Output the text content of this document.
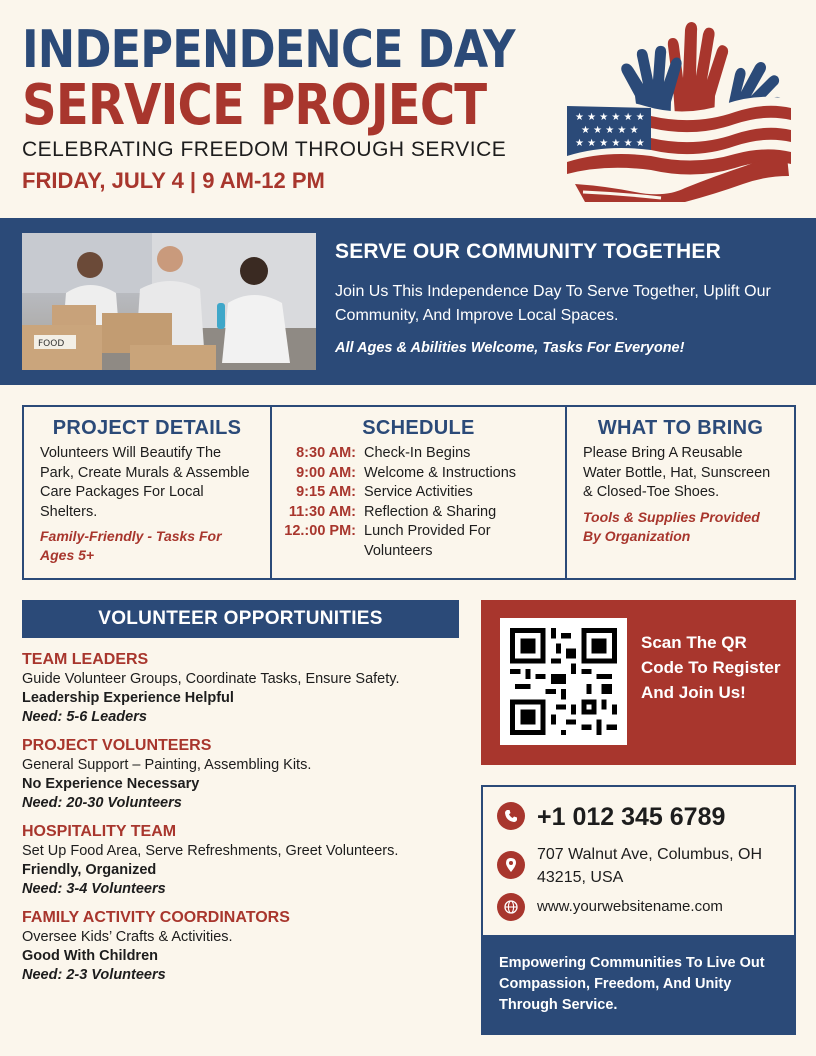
INDEPENDENCE DAY
SERVICE PROJECT
CELEBRATING FREEDOM THROUGH SERVICE
FRIDAY, JULY 4 | 9 AM-12 PM
★ ★ ★ ★ ★ ★
★ ★ ★ ★ ★
★ ★ ★ ★ ★ ★
FOOD
SERVE OUR COMMUNITY TOGETHER
Join Us This Independence Day To Serve Together, Uplift Our Community, And Improve Local Spaces.
All Ages & Abilities Welcome, Tasks For Everyone!
PROJECT DETAILS

Volunteers Will Beautify The Park, Create Murals & Assemble Care Packages For Local Shelters.

Family-Friendly - Tasks For Ages 5+

SCHEDULE
8:30 AM: Check-In Begins
9:00 AM: Welcome & Instructions
9:15 AM: Service Activities
11:30 AM: Reflection & Sharing
12.:00 PM: Lunch Provided For Volunteers
WHAT TO BRING

Please Bring A Reusable Water Bottle, Hat, Sunscreen & Closed-Toe Shoes.

Tools & Supplies Provided By Organization

VOLUNTEER OPPORTUNITIES
TEAM LEADERS
Guide Volunteer Groups, Coordinate Tasks, Ensure Safety.
Leadership Experience Helpful
Need: 5-6 Leaders
PROJECT VOLUNTEERS
General Support – Painting, Assembling Kits.
No Experience Necessary
Need: 20-30 Volunteers
HOSPITALITY TEAM
Set Up Food Area, Serve Refreshments, Greet Volunteers.
Friendly, Organized
Need: 3-4 Volunteers
FAMILY ACTIVITY COORDINATORS
Oversee Kids’ Crafts & Activities.
Good With Children
Need: 2-3 Volunteers
Scan The QR Code To Register And Join Us!
+1 012 345 6789
707 Walnut Ave, Columbus, OH 43215, USA
www.yourwebsitename.com
Empowering Communities To Live Out Compassion, Freedom, And Unity Through Service.
